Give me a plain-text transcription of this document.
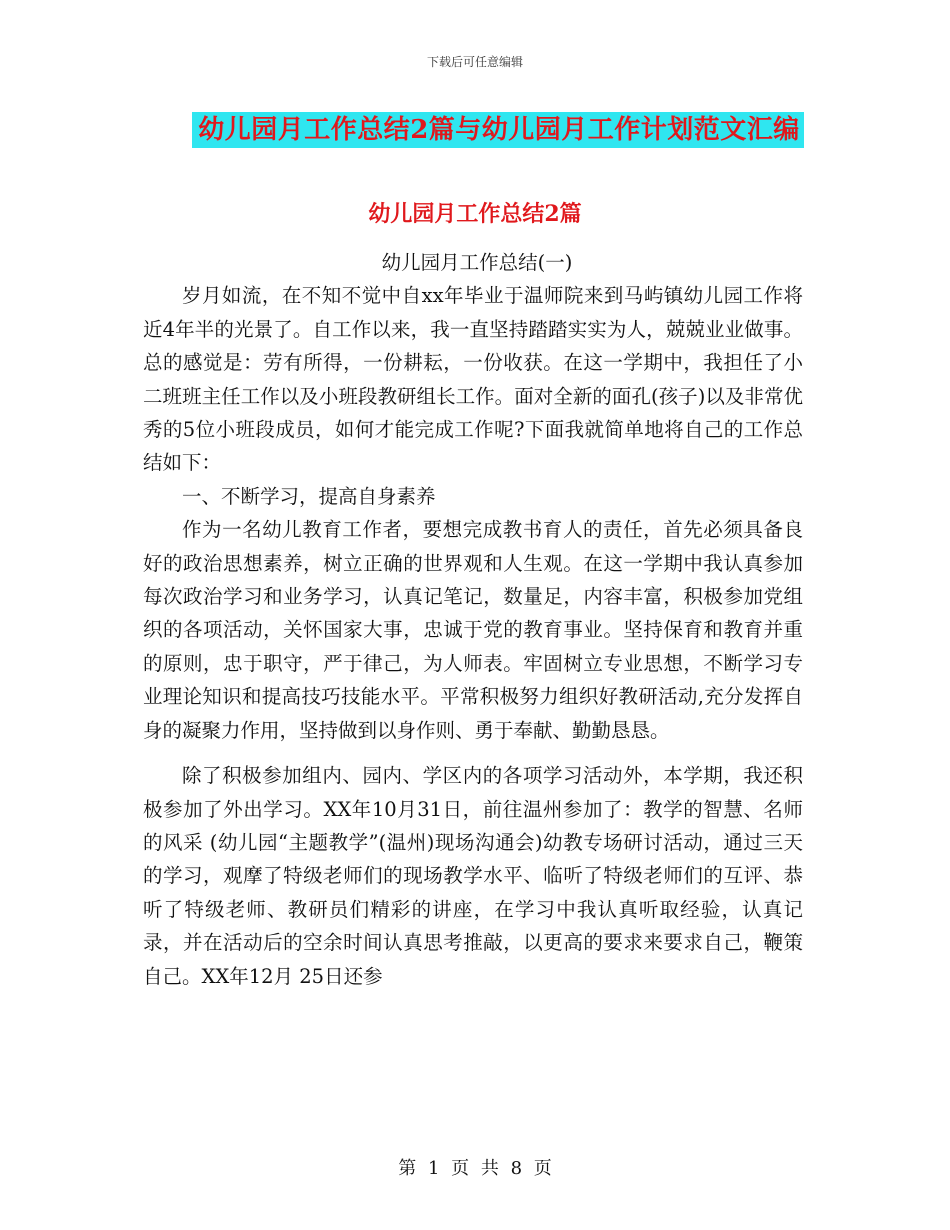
下载后可任意编辑
幼儿园月工作总结2篇与幼儿园月工作计划范文汇编
幼儿园月工作总结2篇
幼儿园月工作总结(一)

岁月如流，在不知不觉中自xx年毕业于温师院来到马屿镇幼儿园工作将近4年半的光景了。自工作以来，我一直坚持踏踏实实为人，兢兢业业做事。总的感觉是：劳有所得，一份耕耘，一份收获。在这一学期中，我担任了小二班班主任工作以及小班段教研组长工作。面对全新的面孔(孩子)以及非常优秀的5位小班段成员，如何才能完成工作呢?下面我就简单地将自己的工作总结如下：

一、不断学习，提高自身素养

作为一名幼儿教育工作者，要想完成教书育人的责任，首先必须具备良好的政治思想素养，树立正确的世界观和人生观。在这一学期中我认真参加每次政治学习和业务学习，认真记笔记，数量足，内容丰富，积极参加党组织的各项活动，关怀国家大事，忠诚于党的教育事业。坚持保育和教育并重的原则，忠于职守，严于律己，为人师表。牢固树立专业思想，不断学习专业理论知识和提高技巧技能水平。平常积极努力组织好教研活动,充分发挥自身的凝聚力作用，坚持做到以身作则、勇于奉献、勤勤恳恳。

除了积极参加组内、园内、学区内的各项学习活动外，本学期，我还积极参加了外出学习。XX年10月31日，前往温州参加了：教学的智慧、名师的风采 (幼儿园“主题教学”(温州)现场沟通会)幼教专场研讨活动，通过三天的学习，观摩了特级老师们的现场教学水平、临听了特级老师们的互评、恭听了特级老师、教研员们精彩的讲座，在学习中我认真听取经验，认真记录，并在活动后的空余时间认真思考推敲，以更高的要求来要求自己，鞭策自己。XX年12月 25日还参

第 1 页 共 8 页
